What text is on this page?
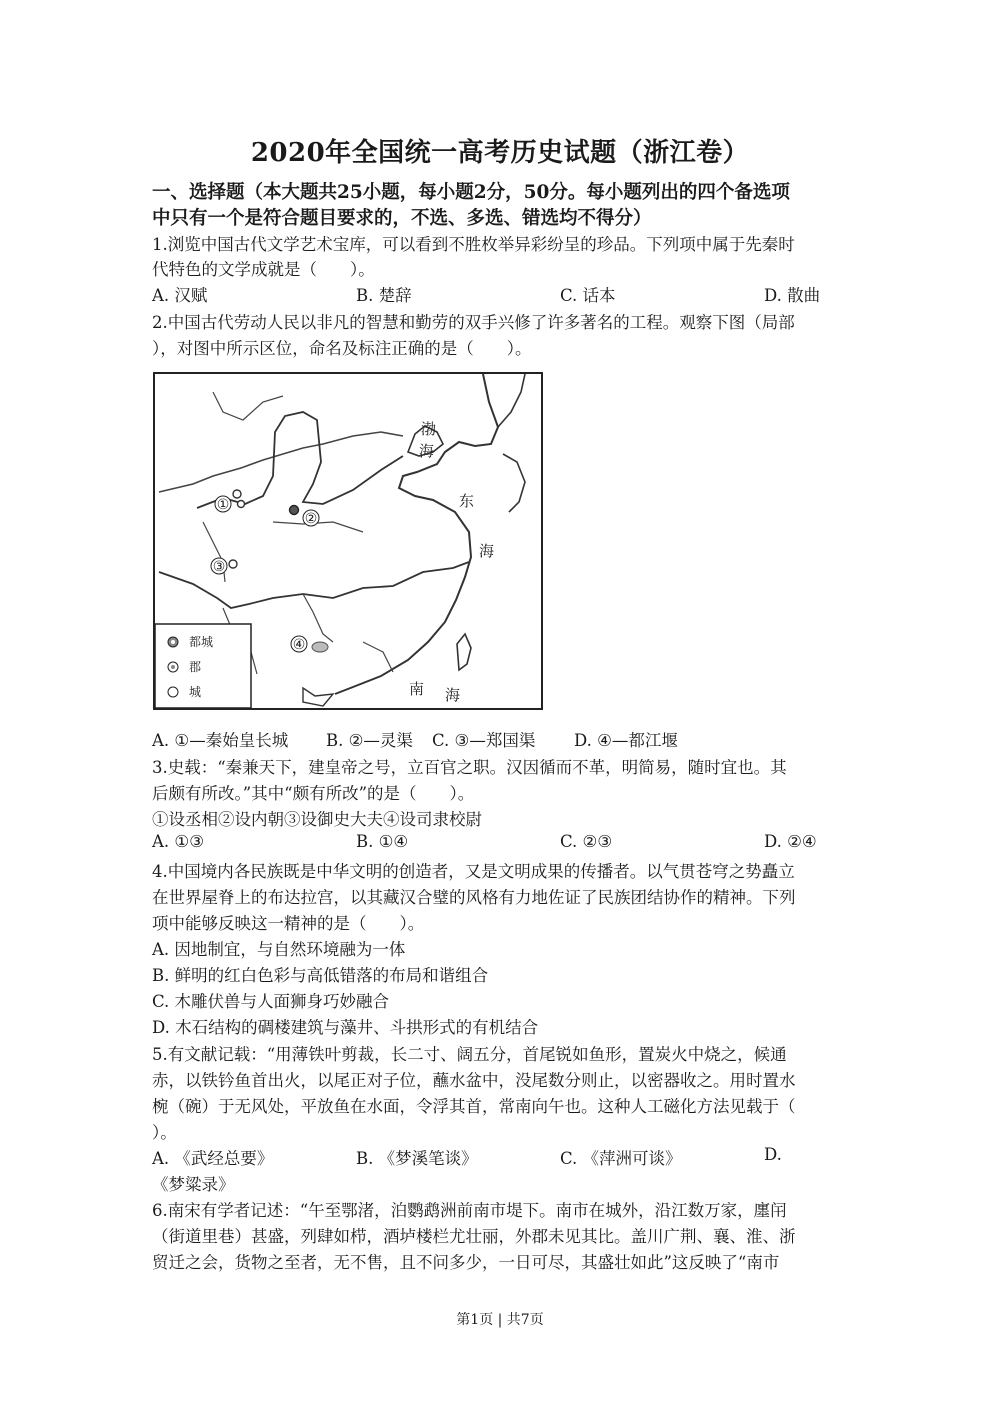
2020年全国统一高考历史试题（浙江卷）
一、选择题（本大题共25小题，每小题2分，50分。每小题列出的四个备选项
中只有一个是符合题目要求的，不选、多选、错选均不得分）
1.浏览中国古代文学艺术宝库，可以看到不胜枚举异彩纷呈的珍品。下列项中属于先秦时
代特色的文学成就是（　　）。
A. 汉赋	B. 楚辞	C. 话本	D. 散曲
2.中国古代劳动人民以非凡的智慧和勤劳的双手兴修了许多著名的工程。观察下图（局部
），对图中所示区位，命名及标注正确的是（　　）。
①
②
③
④
渤
海
东
海
南 海
都城
郡
城
A. ①—秦始皇长城 B. ②—灵渠 C. ③—郑国渠 D. ④—都江堰
3.史载：“秦兼天下，建皇帝之号，立百官之职。汉因循而不革，明简易，随时宜也。其
后颇有所改。”其中“颇有所改”的是（　　）。
①设丞相②设内朝③设御史大夫④设司隶校尉
A. ①③	B. ①④	C. ②③	D. ②④
4.中国境内各民族既是中华文明的创造者，又是文明成果的传播者。以气贯苍穹之势矗立
在世界屋脊上的布达拉宫，以其藏汉合璧的风格有力地佐证了民族团结协作的精神。下列
项中能够反映这一精神的是（　　）。
A. 因地制宜，与自然环境融为一体
B. 鲜明的红白色彩与高低错落的布局和谐组合
C. 木雕伏兽与人面狮身巧妙融合
D. 木石结构的碉楼建筑与藻井、斗拱形式的有机结合
5.有文献记载：“用薄铁叶剪裁，长二寸、阔五分，首尾锐如鱼形，置炭火中烧之，候通
赤，以铁钤鱼首出火，以尾正对子位，蘸水盆中，没尾数分则止，以密器收之。用时置水
椀（碗）于无风处，平放鱼在水面，令浮其首，常南向午也。这种人工磁化方法见载于（
）。
A. 《武经总要》	B. 《梦溪笔谈》	C. 《萍洲可谈》	D.
《梦粱录》
6.南宋有学者记述：“午至鄂渚，泊鹦鹉洲前南市堤下。南市在城外，沿江数万家，廛闬
（街道里巷）甚盛，列肆如栉，酒垆楼栏尤壮丽，外郡未见其比。盖川广荆、襄、淮、浙
贸迁之会，货物之至者，无不售，且不问多少，一日可尽，其盛壮如此”这反映了“南市
第1页 | 共7页
